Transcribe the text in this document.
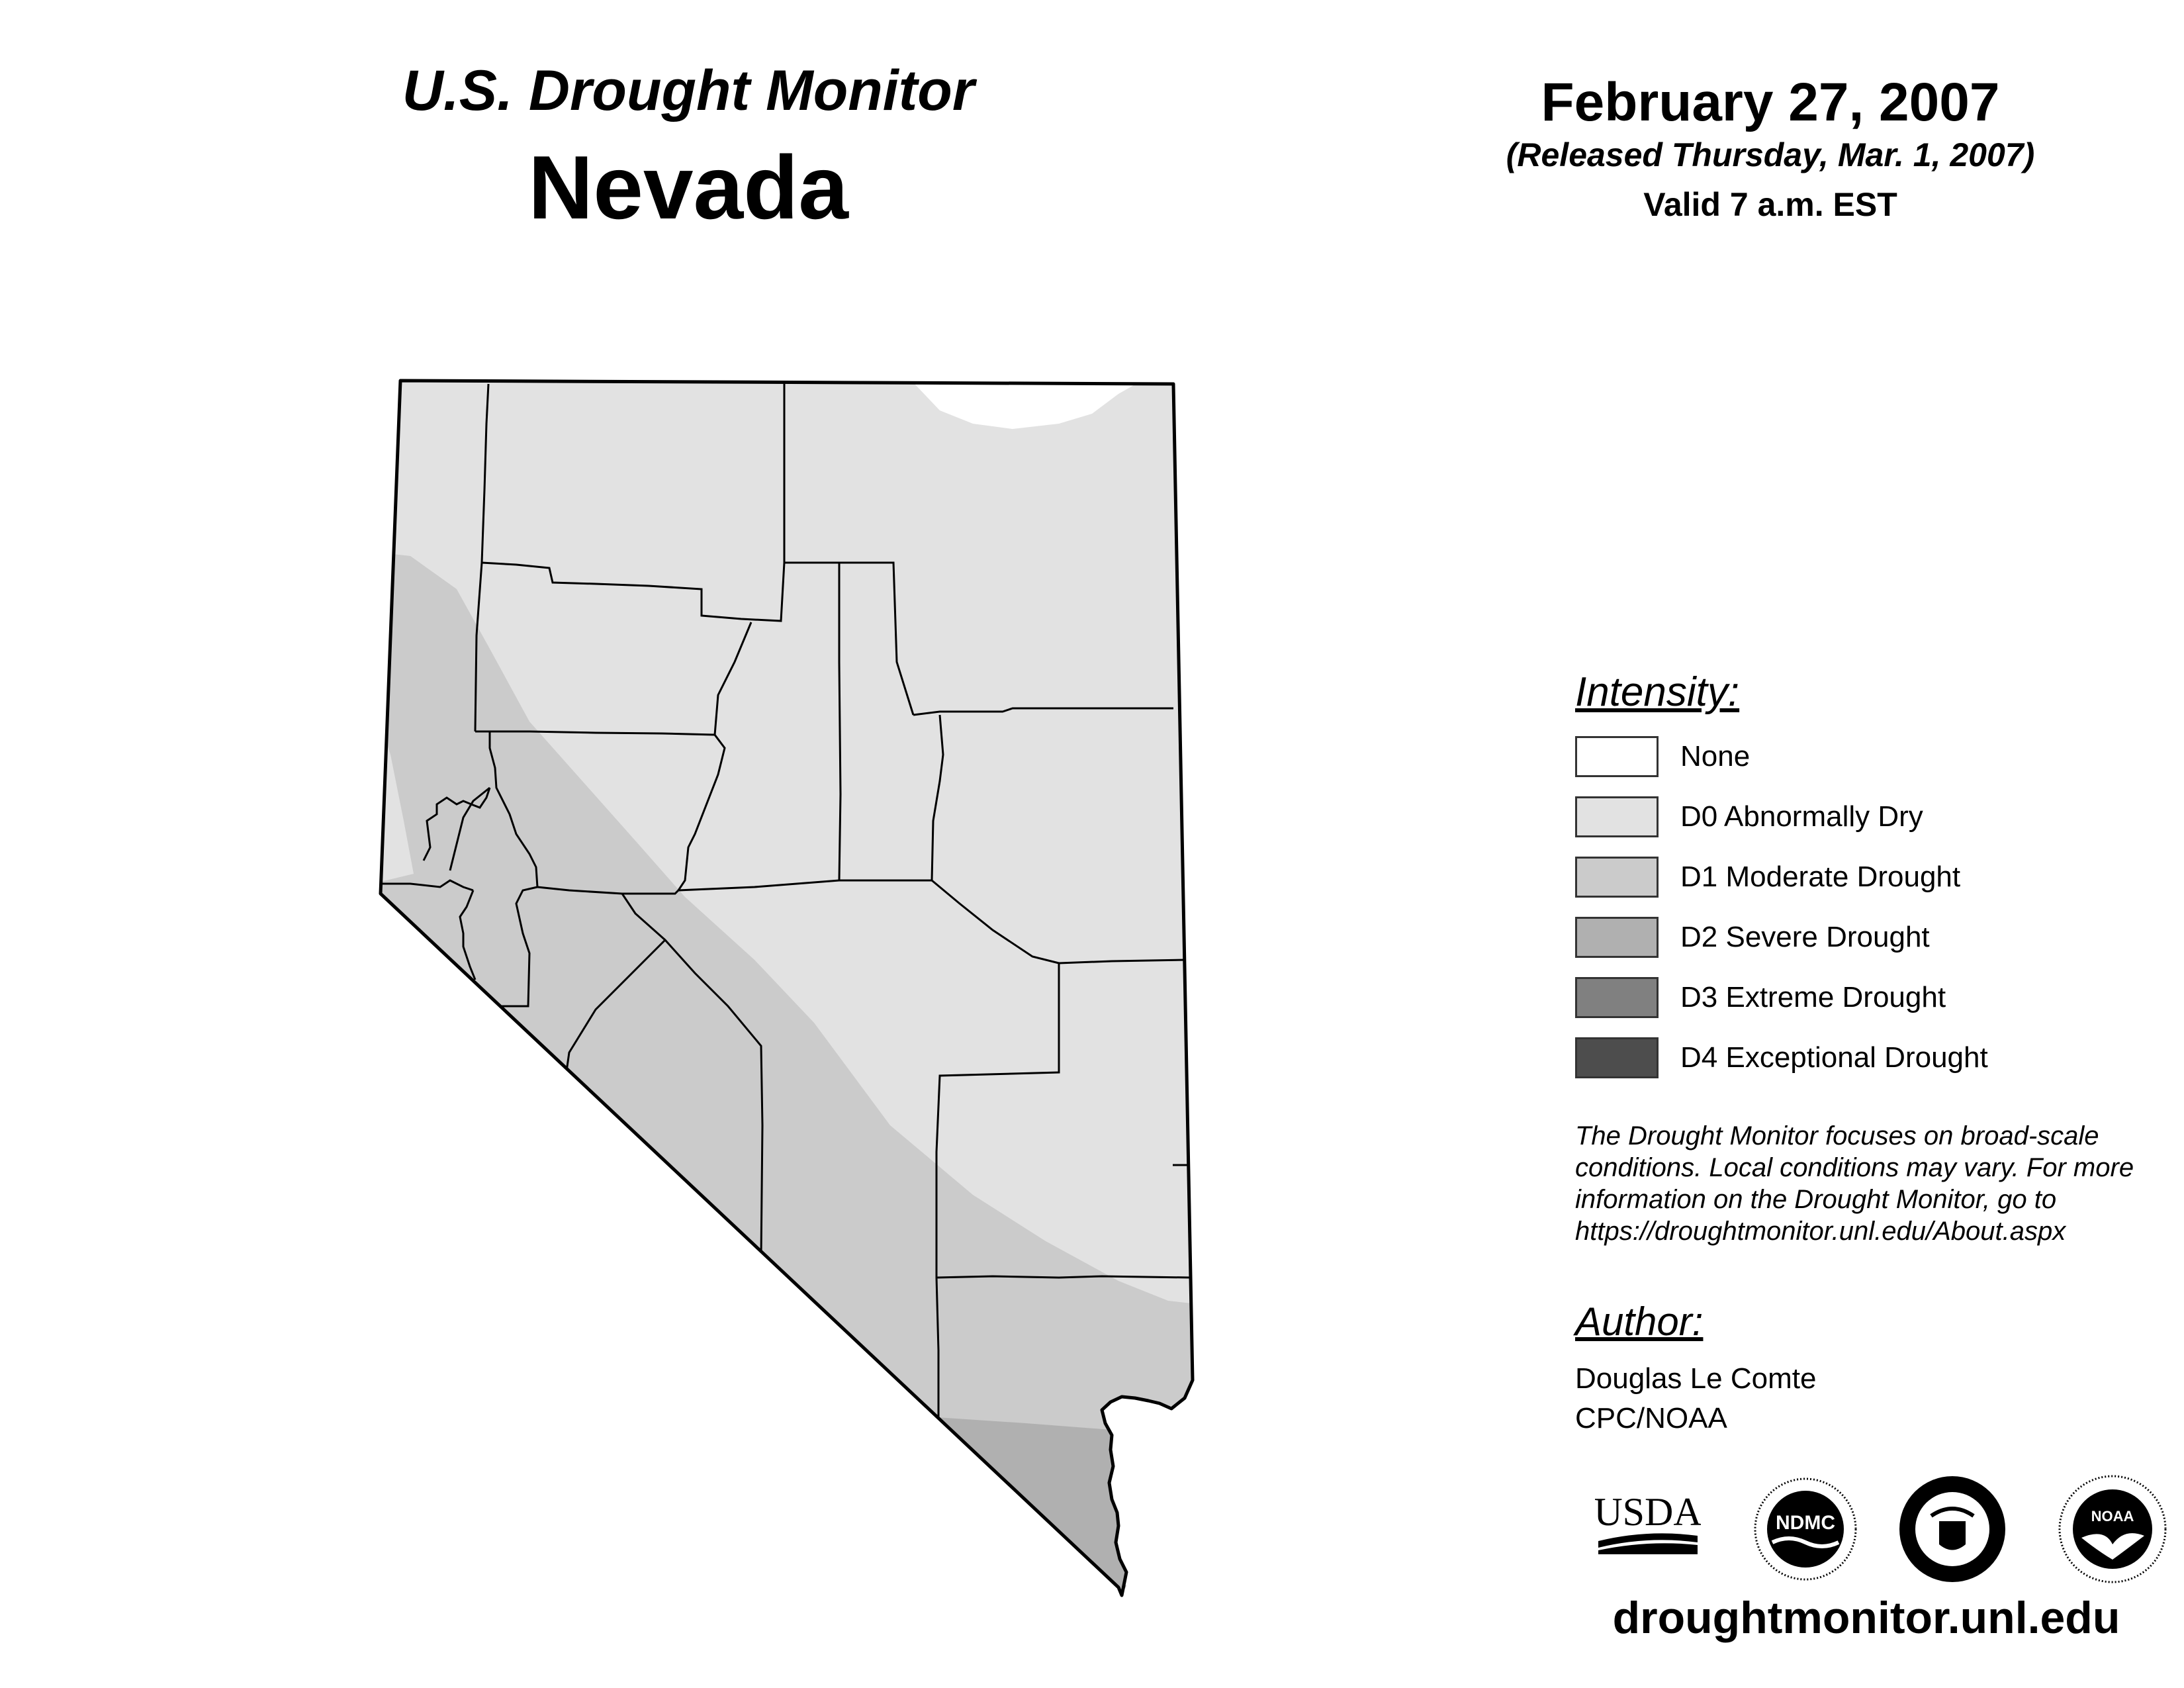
U.S. Drought Monitor
Nevada
February 27, 2007
(Released Thursday, Mar. 1, 2007)
Valid 7 a.m. EST
Intensity:
None
D0 Abnormally Dry
D1 Moderate Drought
D2 Severe Drought
D3 Extreme Drought
D4 Exceptional Drought
The Drought Monitor focuses on broad-scale conditions. Local conditions may vary. For more information on the Drought Monitor, go to https://droughtmonitor.unl.edu/About.aspx
Author:
Douglas Le Comte
CPC/NOAA
USDA	NDMC	NOAA
droughtmonitor.unl.edu
